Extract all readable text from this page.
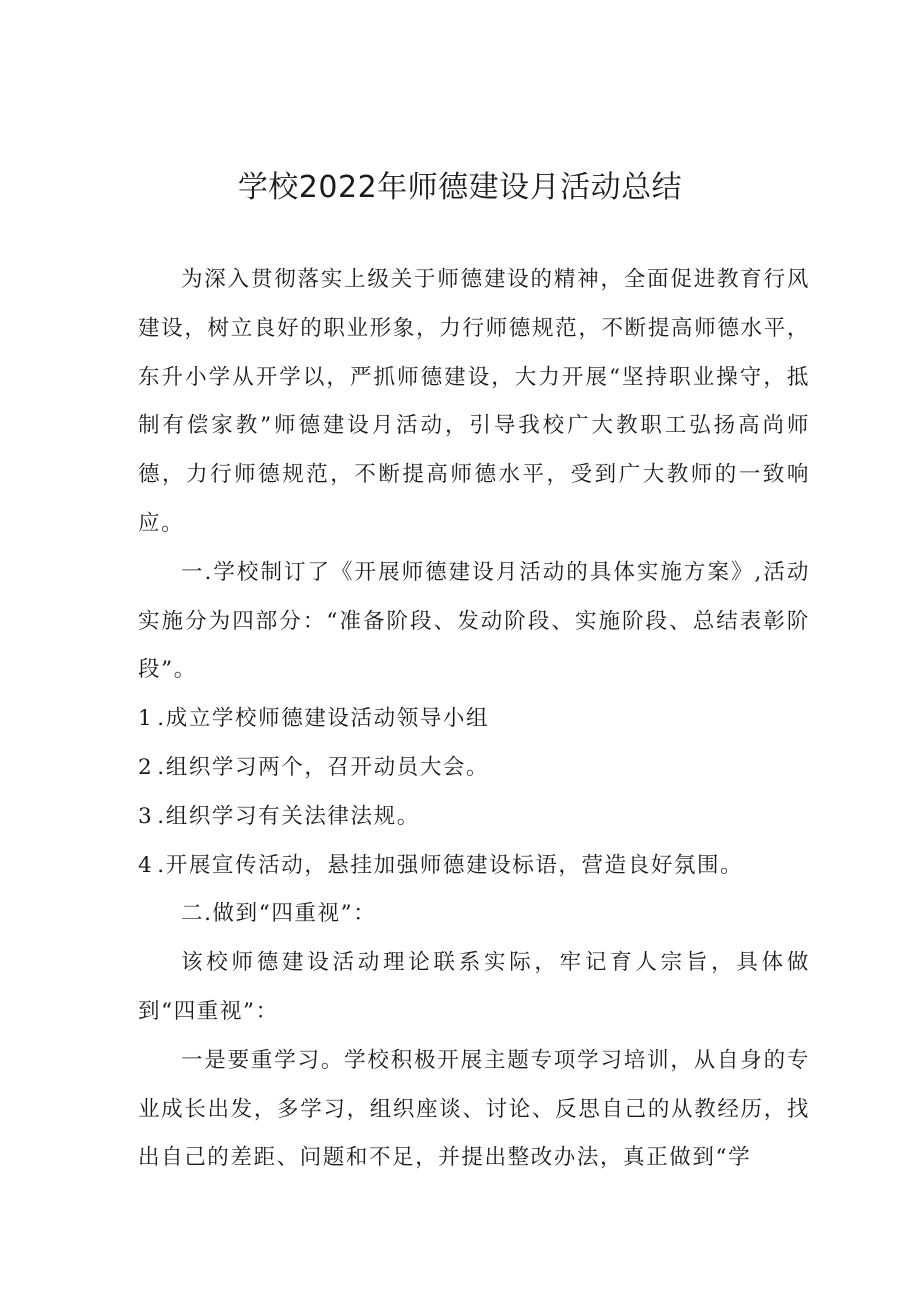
学校2022年师德建设月活动总结

为深入贯彻落实上级关于师德建设的精神，全面促进教育行风建设，树立良好的职业形象，力行师德规范，不断提高师德水平，东升小学从开学以，严抓师德建设，大力开展“坚持职业操守，抵制有偿家教”师德建设月活动，引导我校广大教职工弘扬高尚师德，力行师德规范，不断提高师德水平，受到广大教师的一致响应。

一.学校制订了《开展师德建设月活动的具体实施方案》,活动实施分为四部分：“准备阶段、发动阶段、实施阶段、总结表彰阶段”。

1 .成立学校师德建设活动领导小组

2 .组织学习两个，召开动员大会。

3 .组织学习有关法律法规。

4 .开展宣传活动，悬挂加强师德建设标语，营造良好氛围。

二.做到“四重视”：

该校师德建设活动理论联系实际，牢记育人宗旨，具体做到“四重视”：

一是要重学习。学校积极开展主题专项学习培训，从自身的专业成长出发，多学习，组织座谈、讨论、反思自己的从教经历，找出自己的差距、问题和不足，并提出整改办法，真正做到“学
